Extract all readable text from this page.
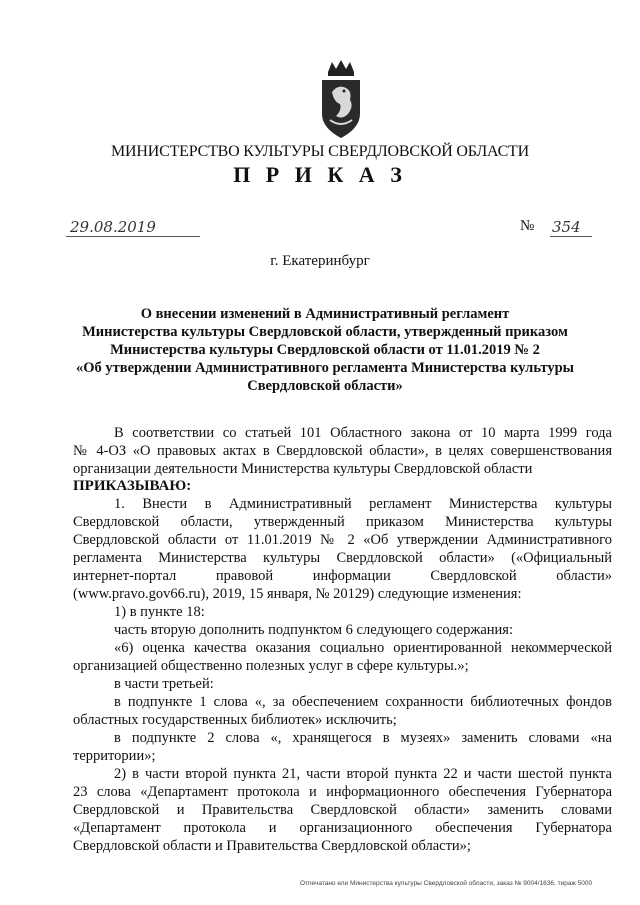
МИНИСТЕРСТВО КУЛЬТУРЫ СВЕРДЛОВСКОЙ ОБЛАСТИ
П Р И К А З
29.08.2019	№ 354
г. Екатеринбург
О внесении изменений в Административный регламент
Министерства культуры Свердловской области, утвержденный приказом
Министерства культуры Свердловской области от 11.01.2019 № 2
«Об утверждении Административного регламента Министерства культуры
Свердловской области»
В соответствии со статьей 101 Областного закона от 10 марта 1999 года
№ 4-ОЗ «О правовых актах в Свердловской области», в целях совершенствования
организации деятельности Министерства культуры Свердловской области
ПРИКАЗЫВАЮ:
1. Внести в Административный регламент Министерства культуры
Свердловской области, утвержденный приказом Министерства культуры
Свердловской области от 11.01.2019 № 2 «Об утверждении Административного
регламента Министерства культуры Свердловской области» («Официальный
интернет-портал правовой информации Свердловской области»
(www.pravo.gov66.ru), 2019, 15 января, № 20129) следующие изменения:
1) в пункте 18:
часть вторую дополнить подпунктом 6 следующего содержания:
«6) оценка качества оказания социально ориентированной некоммерческой
организацией общественно полезных услуг в сфере культуры.»;
в части третьей:
в подпункте 1 слова «, за обеспечением сохранности библиотечных фондов
областных государственных библиотек» исключить;
в подпункте 2 слова «, хранящегося в музеях» заменить словами «на
территории»;
2) в части второй пункта 21, части второй пункта 22 и части шестой пункта
23 слова «Департамент протокола и информационного обеспечения Губернатора
Свердловской и Правительства Свердловской области» заменить словами
«Департамент протокола и организационного обеспечения Губернатора
Свердловской области и Правительства Свердловской области»;
Отпечатано ели Министерства культуры Свердловской области, заказ № 9004/1636, тираж 5000
